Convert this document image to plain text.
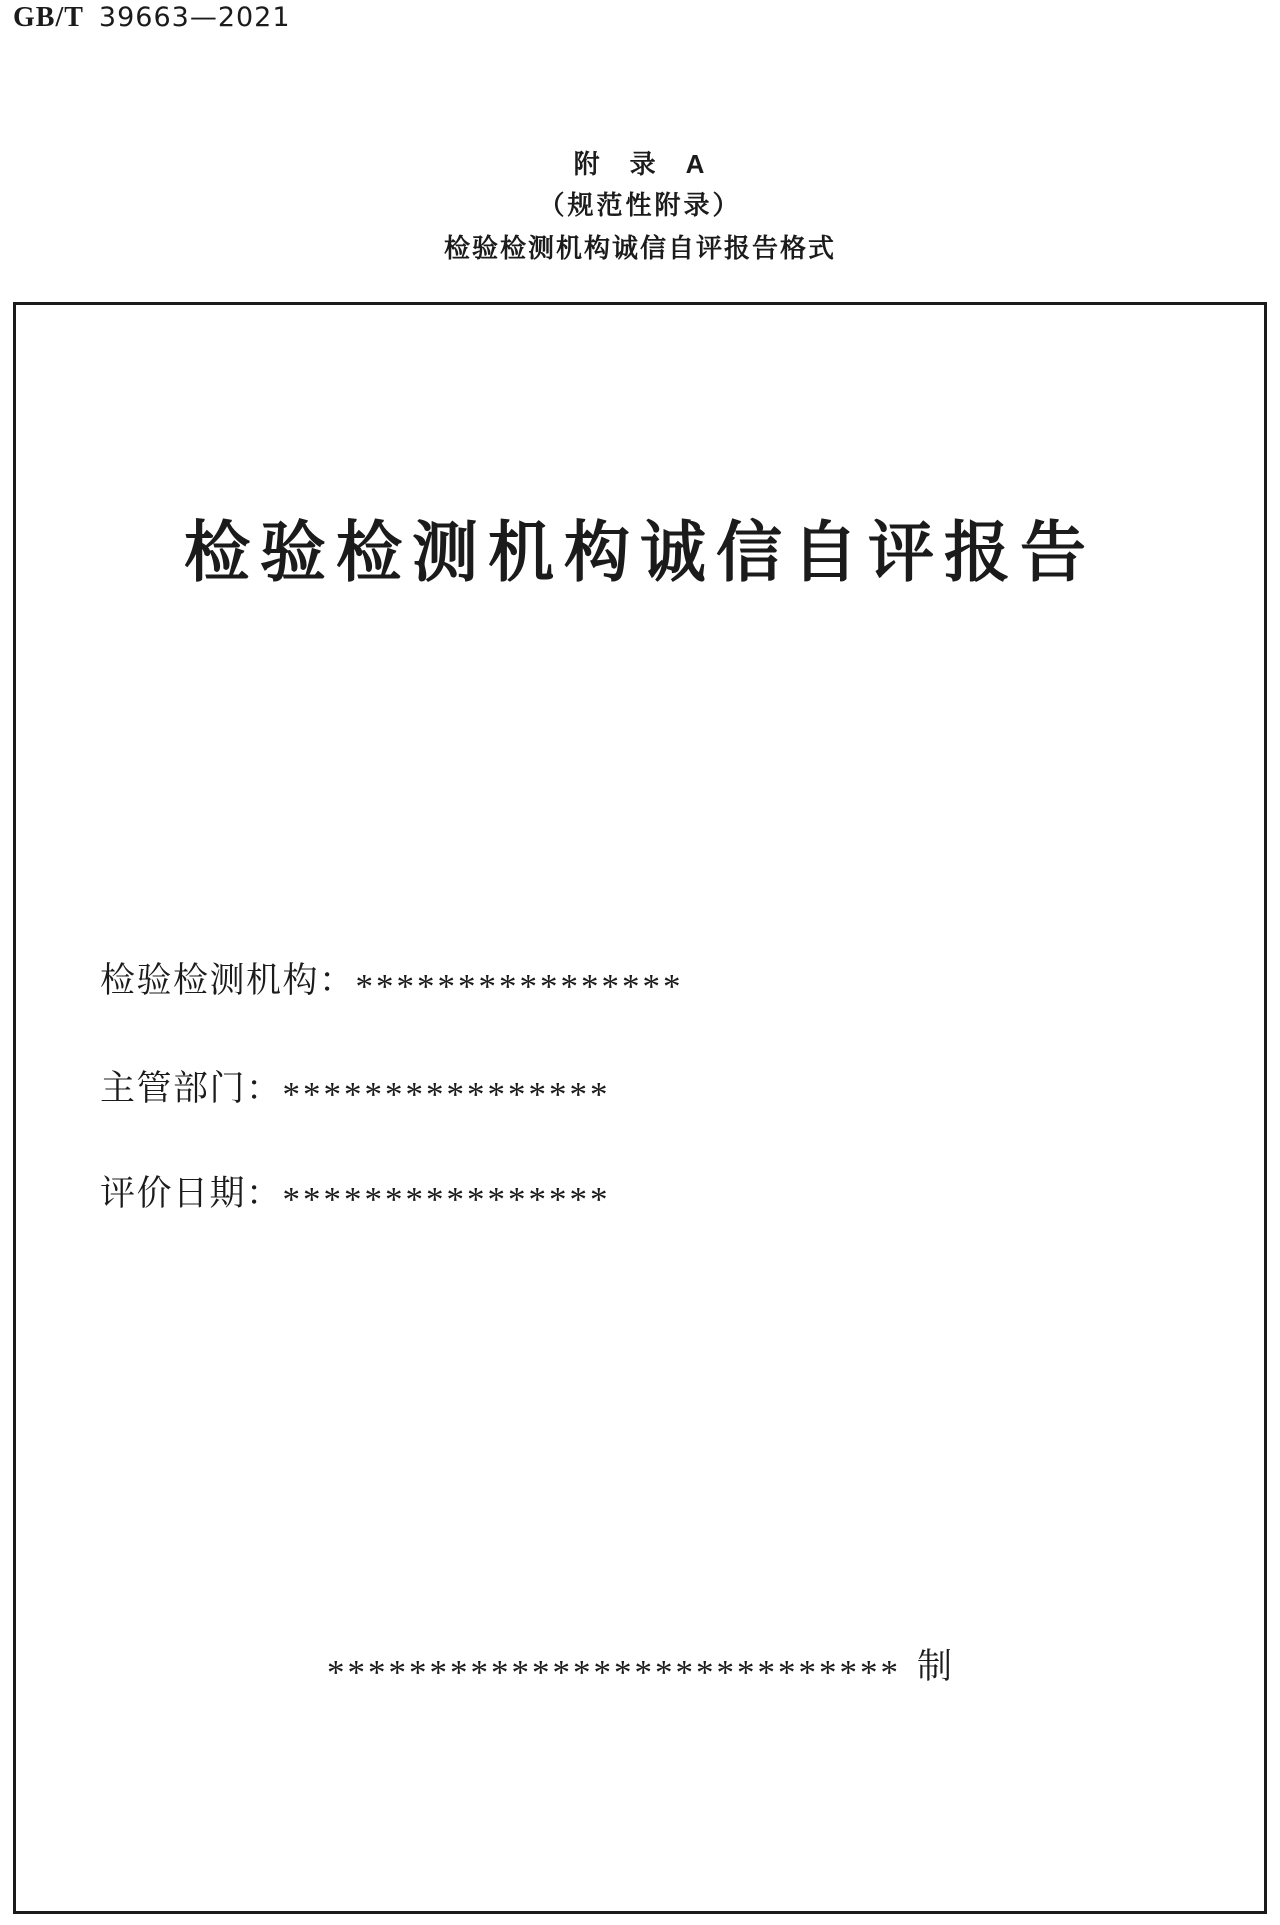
GB/T 39663—2021
附　录　A
（规范性附录）
检验检测机构诚信自评报告格式
检验检测机构诚信自评报告
检验检测机构：****************
主管部门：****************
评价日期：****************
**************************** 制
